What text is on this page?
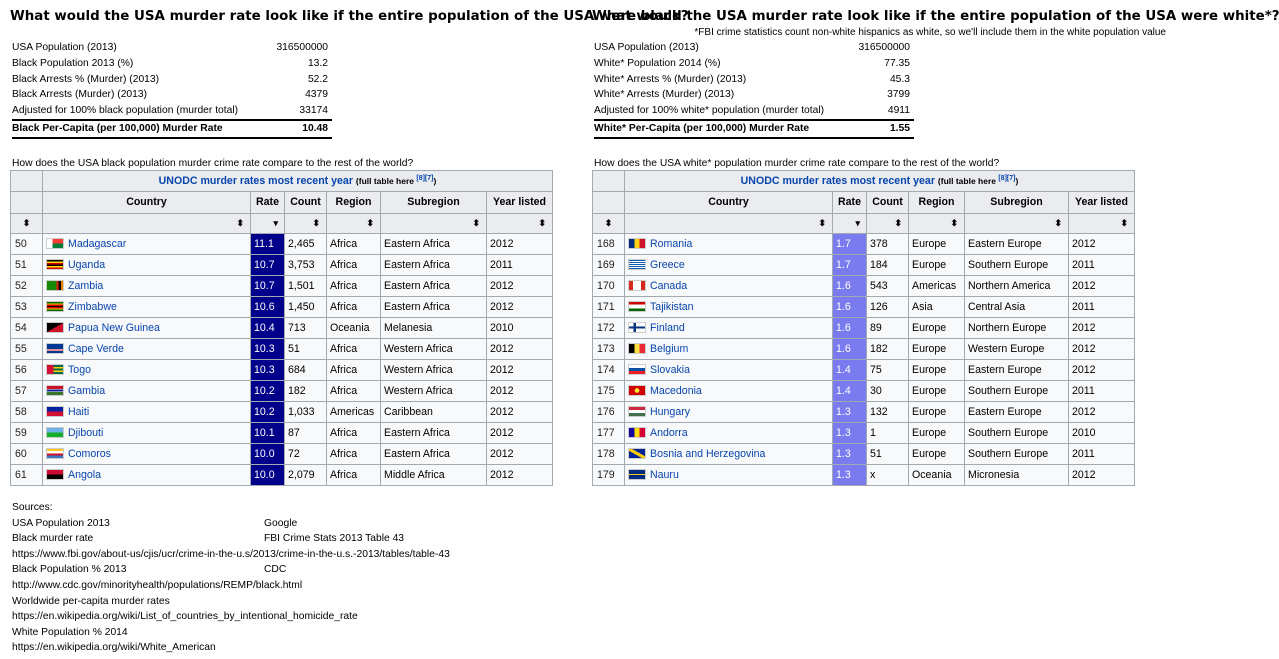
What would the USA murder rate look like if the entire population of the USA were black?
USA Population (2013)	316500000
Black Population 2013 (%)	13.2
Black Arrests % (Murder) (2013)	52.2
Black Arrests (Murder) (2013)	4379
Adjusted for 100% black population (murder total)	33174
Black Per-Capita (per 100,000) Murder Rate	10.48
How does the USA black population murder crime rate compare to the rest of the world?
	UNODC murder rates most recent year (full table here [8][7])					
	Country	Rate	Count	Region	Subregion	Year listed
⬍	⬍	▾	⬍	⬍	⬍	⬍
50	Madagascar	11.1	2,465	Africa	Eastern Africa	2012
51	Uganda	10.7	3,753	Africa	Eastern Africa	2011
52	Zambia	10.7	1,501	Africa	Eastern Africa	2012
53	Zimbabwe	10.6	1,450	Africa	Eastern Africa	2012
54	Papua New Guinea	10.4	713	Oceania	Melanesia	2010
55	Cape Verde	10.3	51	Africa	Western Africa	2012
56	Togo	10.3	684	Africa	Western Africa	2012
57	Gambia	10.2	182	Africa	Western Africa	2012
58	Haiti	10.2	1,033	Americas	Caribbean	2012
59	Djibouti	10.1	87	Africa	Eastern Africa	2012
60	Comoros	10.0	72	Africa	Eastern Africa	2012
61	Angola	10.0	2,079	Africa	Middle Africa	2012
What would the USA murder rate look like if the entire population of the USA were white*?
*FBI crime statistics count non-white hispanics as white, so we'll include them in the white population value
USA Population (2013)	316500000
White* Population 2014 (%)	77.35
White* Arrests % (Murder) (2013)	45.3
White* Arrests (Murder) (2013)	3799
Adjusted for 100% white* population (murder total)	4911
White* Per-Capita (per 100,000) Murder Rate	1.55
How does the USA white* population murder crime rate compare to the rest of the world?
	UNODC murder rates most recent year (full table here [8][7])					
	Country	Rate	Count	Region	Subregion	Year listed
⬍	⬍	▾	⬍	⬍	⬍	⬍
168	Romania	1.7	378	Europe	Eastern Europe	2012
169	Greece	1.7	184	Europe	Southern Europe	2011
170	Canada	1.6	543	Americas	Northern America	2012
171	Tajikistan	1.6	126	Asia	Central Asia	2011
172	Finland	1.6	89	Europe	Northern Europe	2012
173	Belgium	1.6	182	Europe	Western Europe	2012
174	Slovakia	1.4	75	Europe	Eastern Europe	2012
175	Macedonia	1.4	30	Europe	Southern Europe	2011
176	Hungary	1.3	132	Europe	Eastern Europe	2012
177	Andorra	1.3	1	Europe	Southern Europe	2010
178	Bosnia and Herzegovina	1.3	51	Europe	Southern Europe	2011
179	Nauru	1.3	x	Oceania	Micronesia	2012
Sources:
USA Population 2013	Google
Black murder rate	FBI Crime Stats 2013 Table 43
https://www.fbi.gov/about-us/cjis/ucr/crime-in-the-u.s/2013/crime-in-the-u.s.-2013/tables/table-43
Black Population % 2013	CDC
http://www.cdc.gov/minorityhealth/populations/REMP/black.html
Worldwide per-capita murder rates
https://en.wikipedia.org/wiki/List_of_countries_by_intentional_homicide_rate
White Population % 2014
https://en.wikipedia.org/wiki/White_American
